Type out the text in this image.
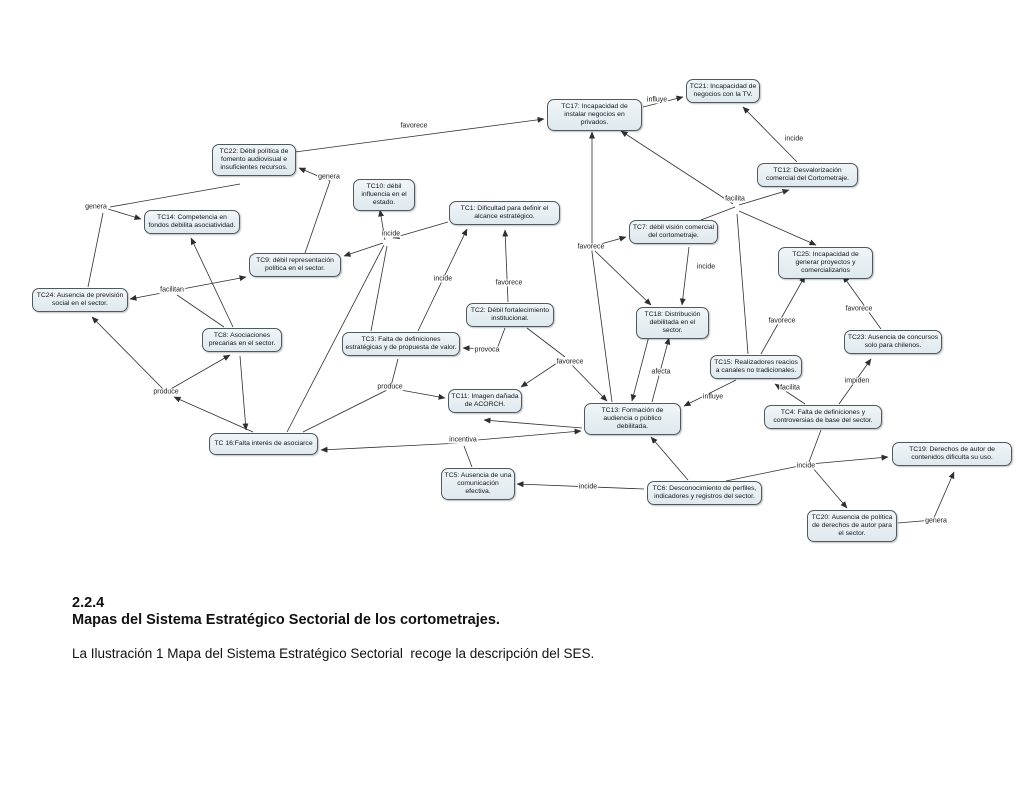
genera
favorece
influye
incide
facilita
favorece
incide
favorece
incide
incide
genera
facilitan
produce
produce
provoca
favorece
afecta
influye
facilita
impiden
favorece
favorece
incentiva
incide
incide
genera
TC17: Incapacidad de instalar negocios en privados.
TC21: Incapacidad de negocios con la TV.
TC12: Desvalorización comercial del Cortometraje.
TC22: Débil política de fomento audiovisual e insuficientes recursos.
TC10: débil influencia en el estado.
TC14: Competencia en fondos debilita asociatividad.
TC1: Dificultad para definir el alcance estratégico.
TC7: débil visión comercial del cortometraje.
TC25: Incapacidad de generar proyectos y comercializarlos
TC9: débil representación política en el sector.
TC24: Ausencia de previsión social en el sector.
TC2: Débil fortalecimiento institucional.
TC18: Distribución debilitada en el sector.
TC8: Asociaciones precarias en el sector.
TC3: Falta de definiciones estratégicas y de propuesta de valor.
TC23: Ausencia de concursos solo para chilenos.
TC15: Realizadores reacios a canales no tradicionales.
TC11: Imagen dañada de ACORCH.
TC4: Falta de definiciones y controversias de base del sector.
TC13: Formación de audiencia o público debilitada.
TC 16:Falta interés de asociarce
TC19: Derechos de autor de contenidos dificulta su uso.
TC5: Ausencia de una comunicación efectiva.	TC6: Desconocimiento de perfiles, indicadores y registros del sector.
TC20: Ausencia de política de derechos de autor para el sector.
2.2.4
Mapas del Sistema Estratégico Sectorial de los cortometrajes.
La Ilustración 1 Mapa del Sistema Estratégico Sectorial  recoge la descripción del SES.
